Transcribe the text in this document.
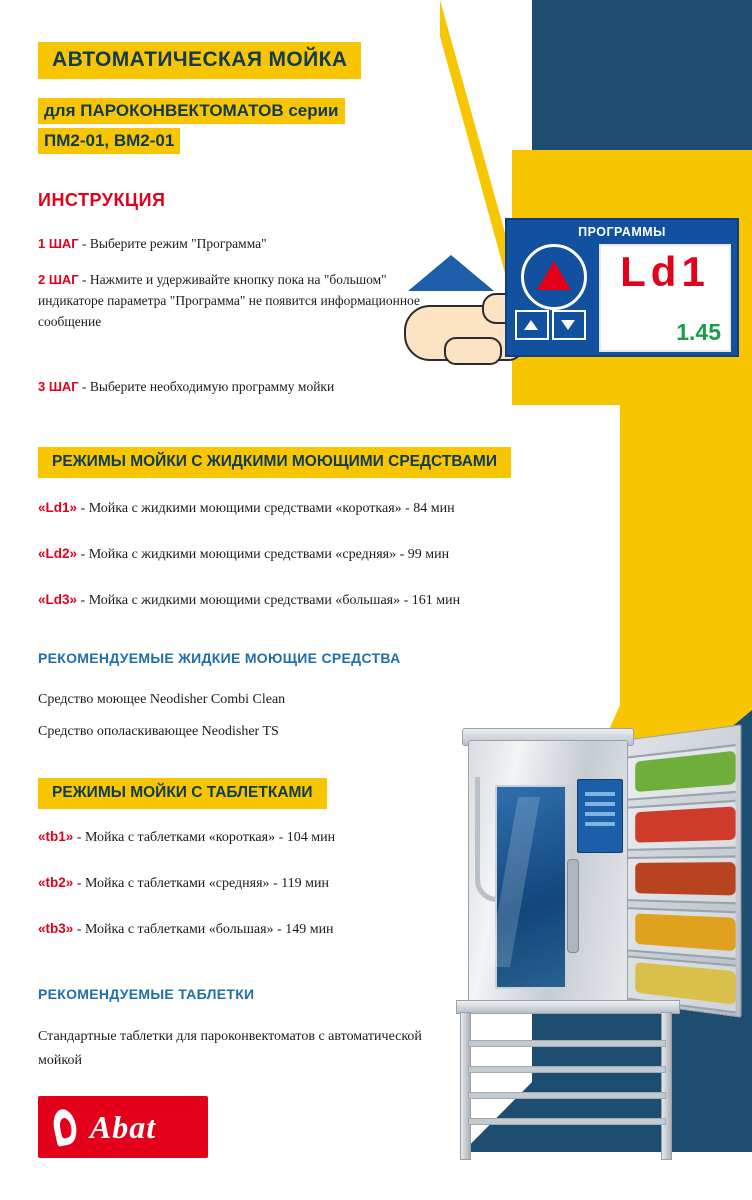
АВТОМАТИЧЕСКАЯ МОЙКА
для ПАРОКОНВЕКТОМАТОВ серии
ПМ2-01, ВМ2-01
ИНСТРУКЦИЯ
1 ШАГ - Выберите режим "Программа"
2 ШАГ - Нажмите и удерживайте кнопку пока на "большом" индикаторе параметра "Программа" не появится информационное сообщение
3 ШАГ - Выберите необходимую программу мойки
ПРОГРАММЫ
Ld1
1.45
РЕЖИМЫ МОЙКИ С ЖИДКИМИ МОЮЩИМИ СРЕДСТВАМИ
«Ld1» - Мойка с жидкими моющими средствами «короткая» - 84 мин
«Ld2» - Мойка с жидкими моющими средствами «средняя» - 99 мин
«Ld3» - Мойка с жидкими моющими средствами «большая» - 161 мин
РЕКОМЕНДУЕМЫЕ ЖИДКИЕ МОЮЩИЕ СРЕДСТВА
Средство моющее Neodisher Combi Clean
Средство ополаскивающее Neodisher TS
РЕЖИМЫ МОЙКИ С ТАБЛЕТКАМИ
«tb1» - Мойка с таблетками «короткая» - 104 мин
«tb2» - Мойка с таблетками «средняя» - 119 мин
«tb3» - Мойка с таблетками «большая» - 149 мин
РЕКОМЕНДУЕМЫЕ ТАБЛЕТКИ
Стандартные таблетки для пароконвектоматов с автоматической мойкой
Abat
